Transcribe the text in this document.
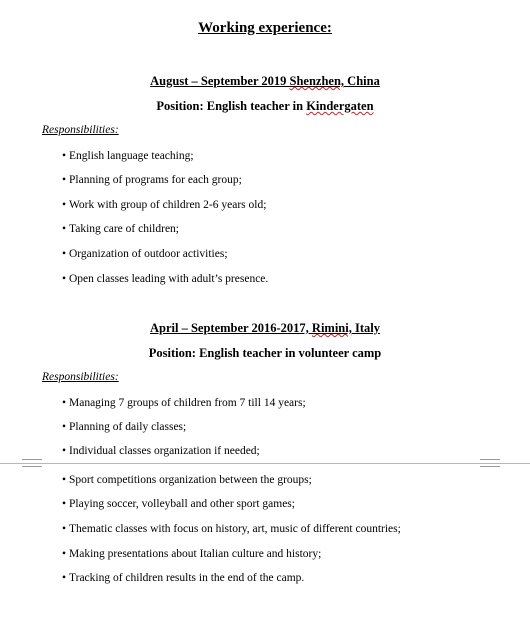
Working experience:
August – September 2019 Shenzhen, China
Position: English teacher in Kindergaten
Responsibilities:
• English language teaching;
• Planning of programs for each group;
• Work with group of children 2-6 years old;
• Taking care of children;
• Organization of outdoor activities;
• Open classes leading with adult’s presence.
April – September 2016-2017, Rimini, Italy
Position: English teacher in volunteer camp
Responsibilities:
• Managing 7 groups of children from 7 till 14 years;
• Planning of daily classes;
• Individual classes organization if needed;
• Sport competitions organization between the groups;
• Playing soccer, volleyball and other sport games;
• Thematic classes with focus on history, art, music of different countries;
• Making presentations about Italian culture and history;
• Tracking of children results in the end of the camp.
